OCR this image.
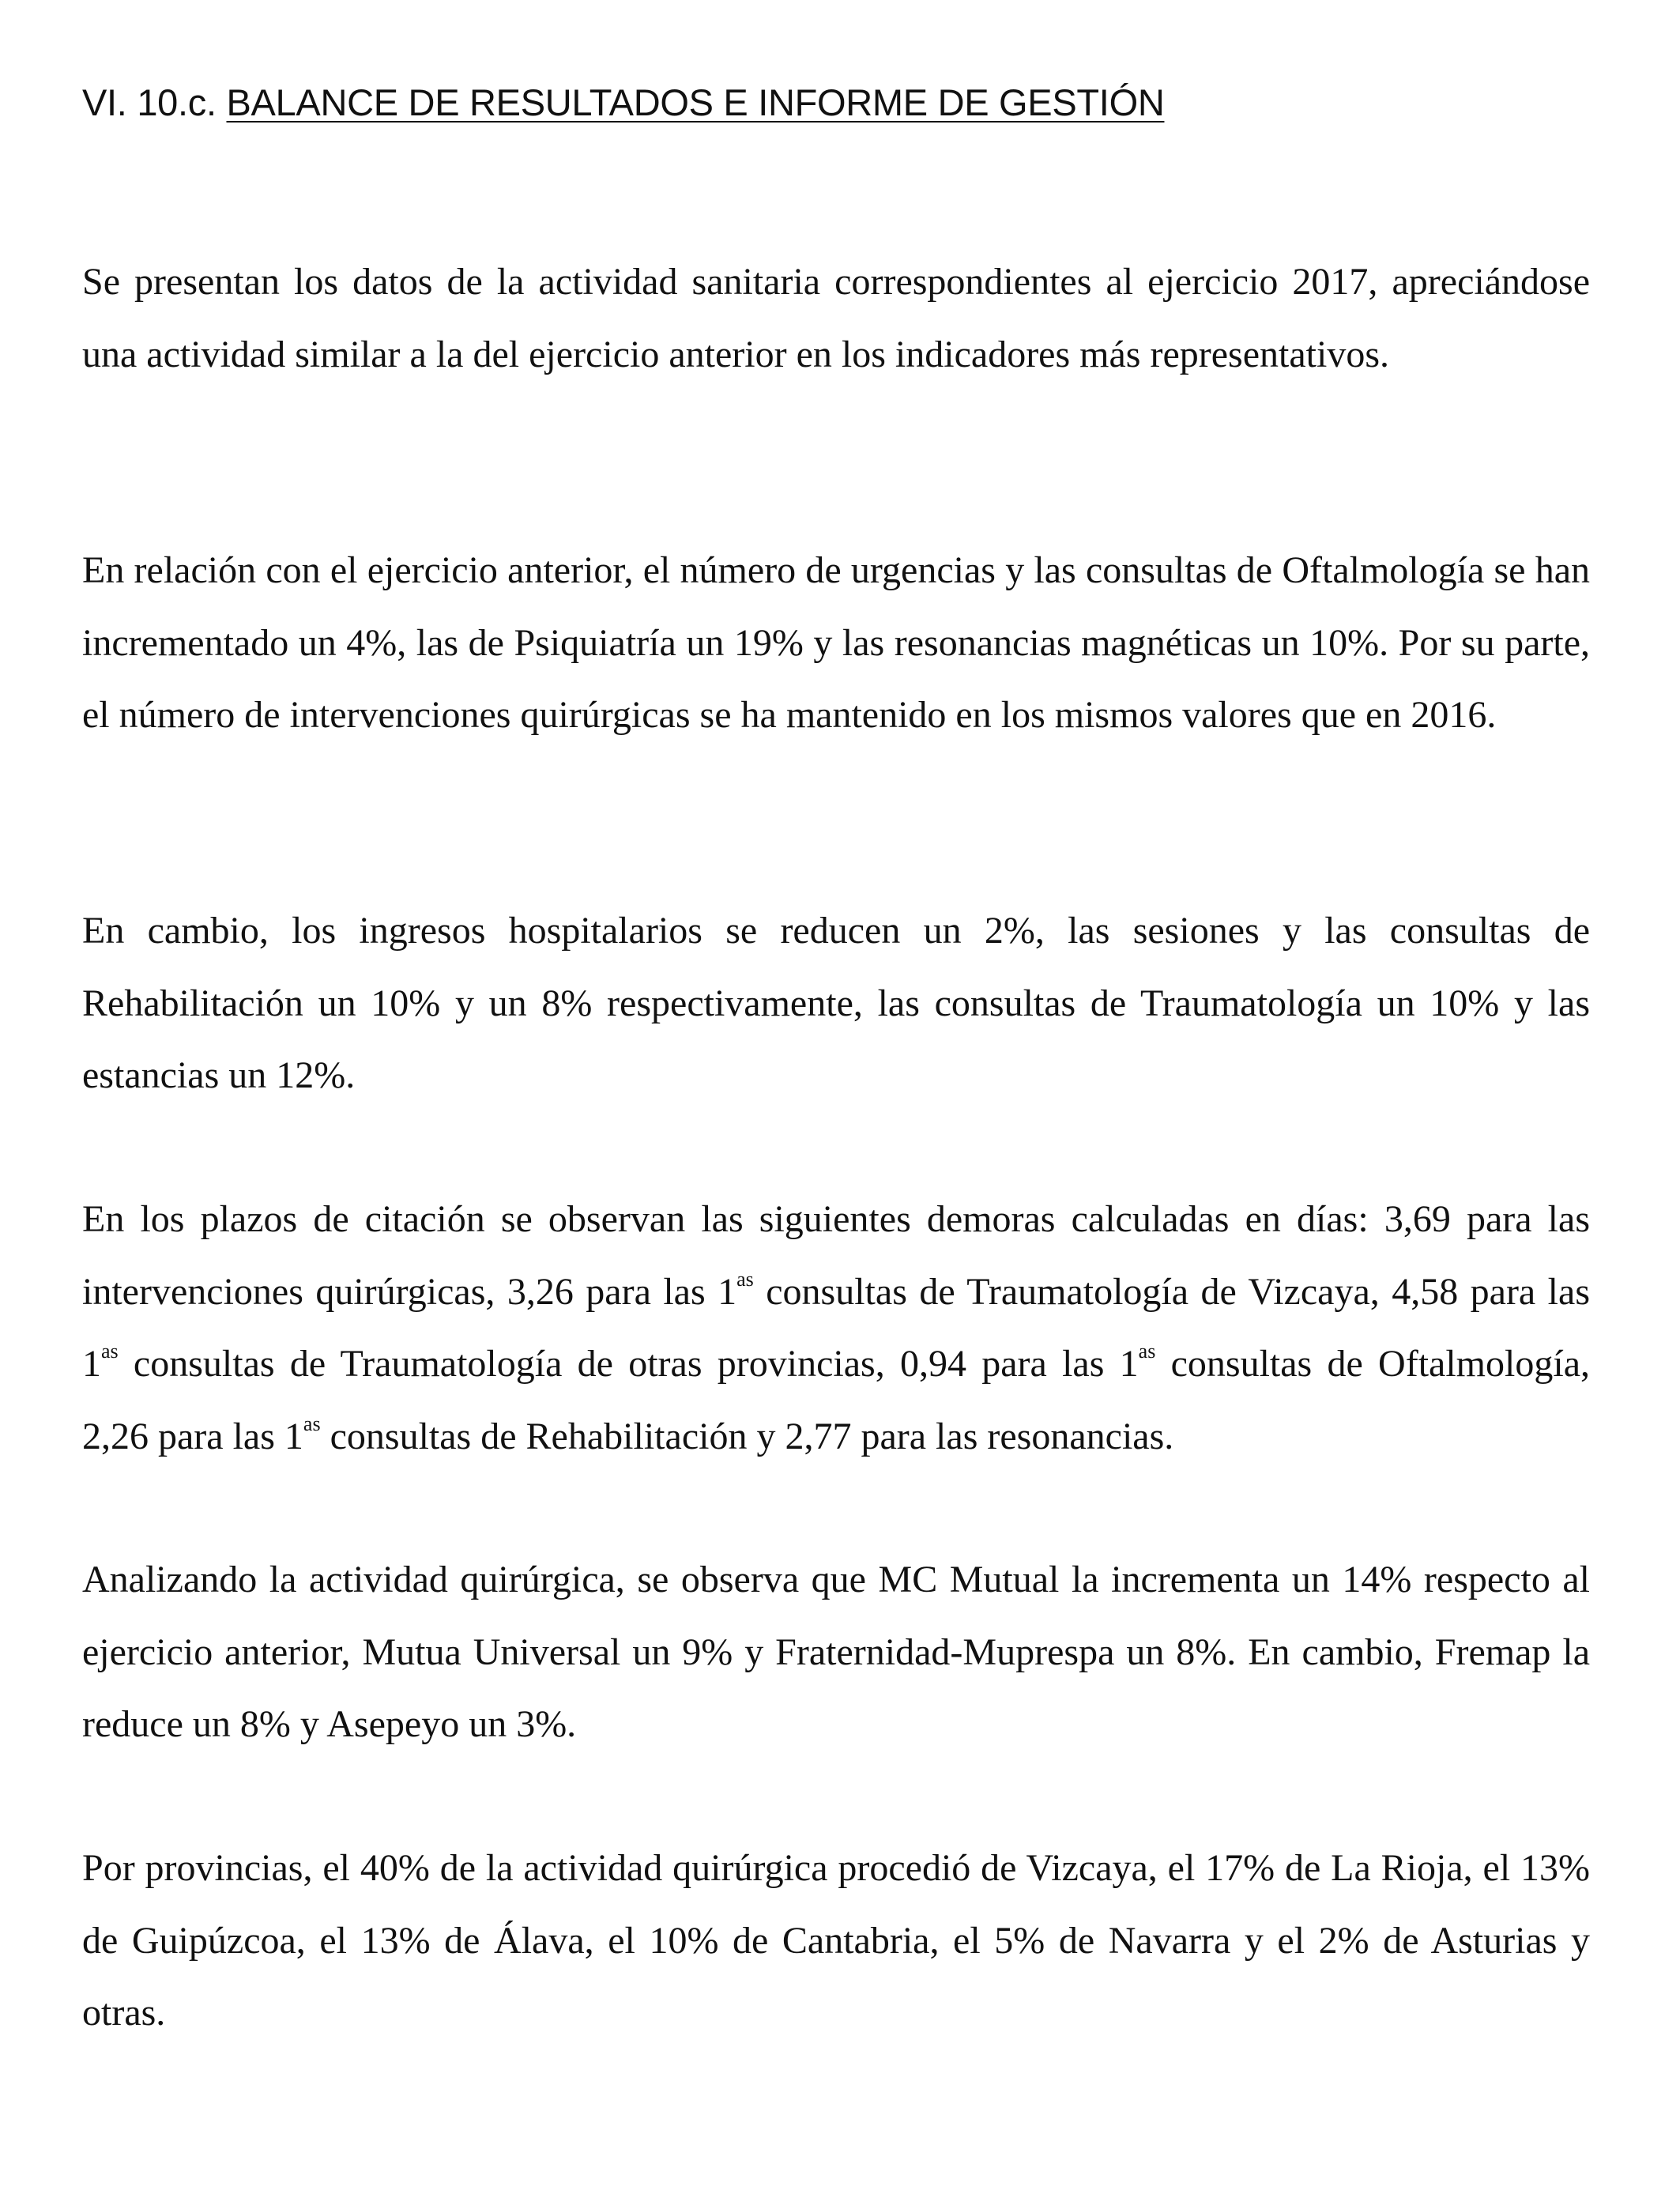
VI. 10.c. BALANCE DE RESULTADOS E INFORME DE GESTIÓN

Se presentan los datos de la actividad sanitaria correspondientes al ejercicio 2017, apreciándose una actividad similar a la del ejercicio anterior en los indicadores más representativos.

En relación con el ejercicio anterior, el número de urgencias y las consultas de Oftalmología se han incrementado un 4%, las de Psiquiatría un 19% y las resonancias magnéticas un 10%. Por su parte, el número de intervenciones quirúrgicas se ha mantenido en los mismos valores que en 2016.

En cambio, los ingresos hospitalarios se reducen un 2%, las sesiones y las consultas de Rehabilitación un 10% y un 8% respectivamente, las consultas de Traumatología un 10% y las estancias un 12%.

En los plazos de citación se observan las siguientes demoras calculadas en días: 3,69 para las intervenciones quirúrgicas, 3,26 para las $1^{as}$ consultas de Traumatología de Vizcaya, 4,58 para las $1^{as}$ consultas de Traumatología de otras provincias, 0,94 para las $1^{as}$ consultas de Oftalmología, 2,26 para las $1^{as}$ consultas de Rehabilitación y 2,77 para las resonancias.

Analizando la actividad quirúrgica, se observa que MC Mutual la incrementa un 14% respecto al ejercicio anterior, Mutua Universal un 9% y Fraternidad-Muprespa un 8%. En cambio, Fremap la reduce un 8% y Asepeyo un 3%.

Por provincias, el 40% de la actividad quirúrgica procedió de Vizcaya, el 17% de La Rioja, el 13% de Guipúzcoa, el 13% de Álava, el 10% de Cantabria, el 5% de Navarra y el 2% de Asturias y otras.
